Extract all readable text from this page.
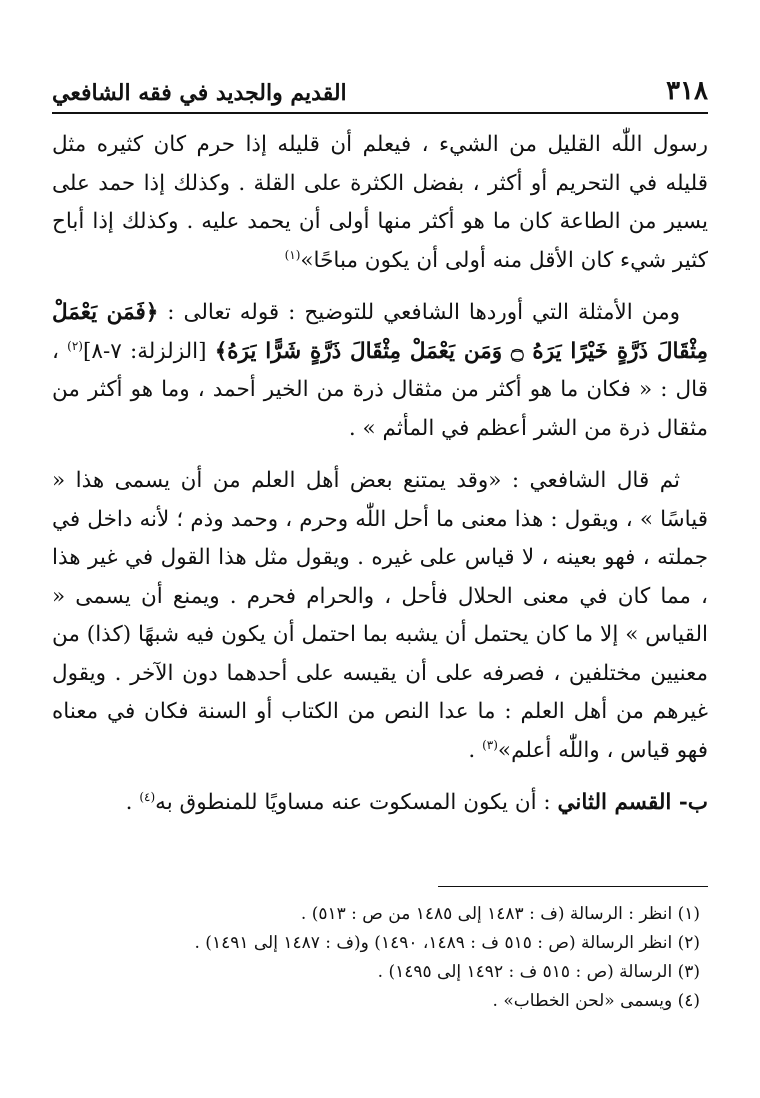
٣١٨
القديم والجديد في فقه الشافعي

رسول اللّٰه القليل من الشيء ، فيعلم أن قليله إذا حرم كان كثيره مثل قليله في التحريم أو أكثر ، بفضل الكثرة على القلة . وكذلك إذا حمد على يسير من الطاعة كان ما هو أكثر منها أولى أن يحمد عليه . وكذلك إذا أباح كثير شيء كان الأقل منه أولى أن يكون مباحًا»$^{(١)}$

ومن الأمثلة التي أوردها الشافعي للتوضيح : قوله تعالى : ﴿فَمَن يَعْمَلْ مِثْقَالَ ذَرَّةٍ خَيْرًا يَرَهُ ۝ وَمَن يَعْمَلْ مِثْقَالَ ذَرَّةٍ شَرًّا يَرَهُ﴾ [الزلزلة: ٧-٨]$^{(٢)}$ ، قال : « فكان ما هو أكثر من مثقال ذرة من الخير أحمد ، وما هو أكثر من مثقال ذرة من الشر أعظم في المأثم » .

ثم قال الشافعي : «وقد يمتنع بعض أهل العلم من أن يسمى هذا « قياسًا » ، ويقول : هذا معنى ما أحل اللّٰه وحرم ، وحمد وذم ؛ لأنه داخل في جملته ، فهو بعينه ، لا قياس على غيره . ويقول مثل هذا القول في غير هذا ، مما كان في معنى الحلال فأحل ، والحرام فحرم . ويمنع أن يسمى « القياس » إلا ما كان يحتمل أن يشبه بما احتمل أن يكون فيه شبهًا (كذا) من معنيين مختلفين ، فصرفه على أن يقيسه على أحدهما دون الآخر . ويقول غيرهم من أهل العلم : ما عدا النص من الكتاب أو السنة فكان في معناه فهو قياس ، واللّٰه أعلم»$^{(٣)}$ .

ب- القسم الثاني : أن يكون المسكوت عنه مساويًا للمنطوق به$^{(٤)}$ .

(١) انظر : الرسالة (ف : ١٤٨٣ إلى ١٤٨٥ من ص : ٥١٣) .

(٢) انظر الرسالة (ص : ٥١٥ ف : ١٤٨٩، ١٤٩٠) و(ف : ١٤٨٧ إلى ١٤٩١) .

(٣) الرسالة (ص : ٥١٥ ف : ١٤٩٢ إلى ١٤٩٥) .

(٤) ويسمى «لحن الخطاب» .
